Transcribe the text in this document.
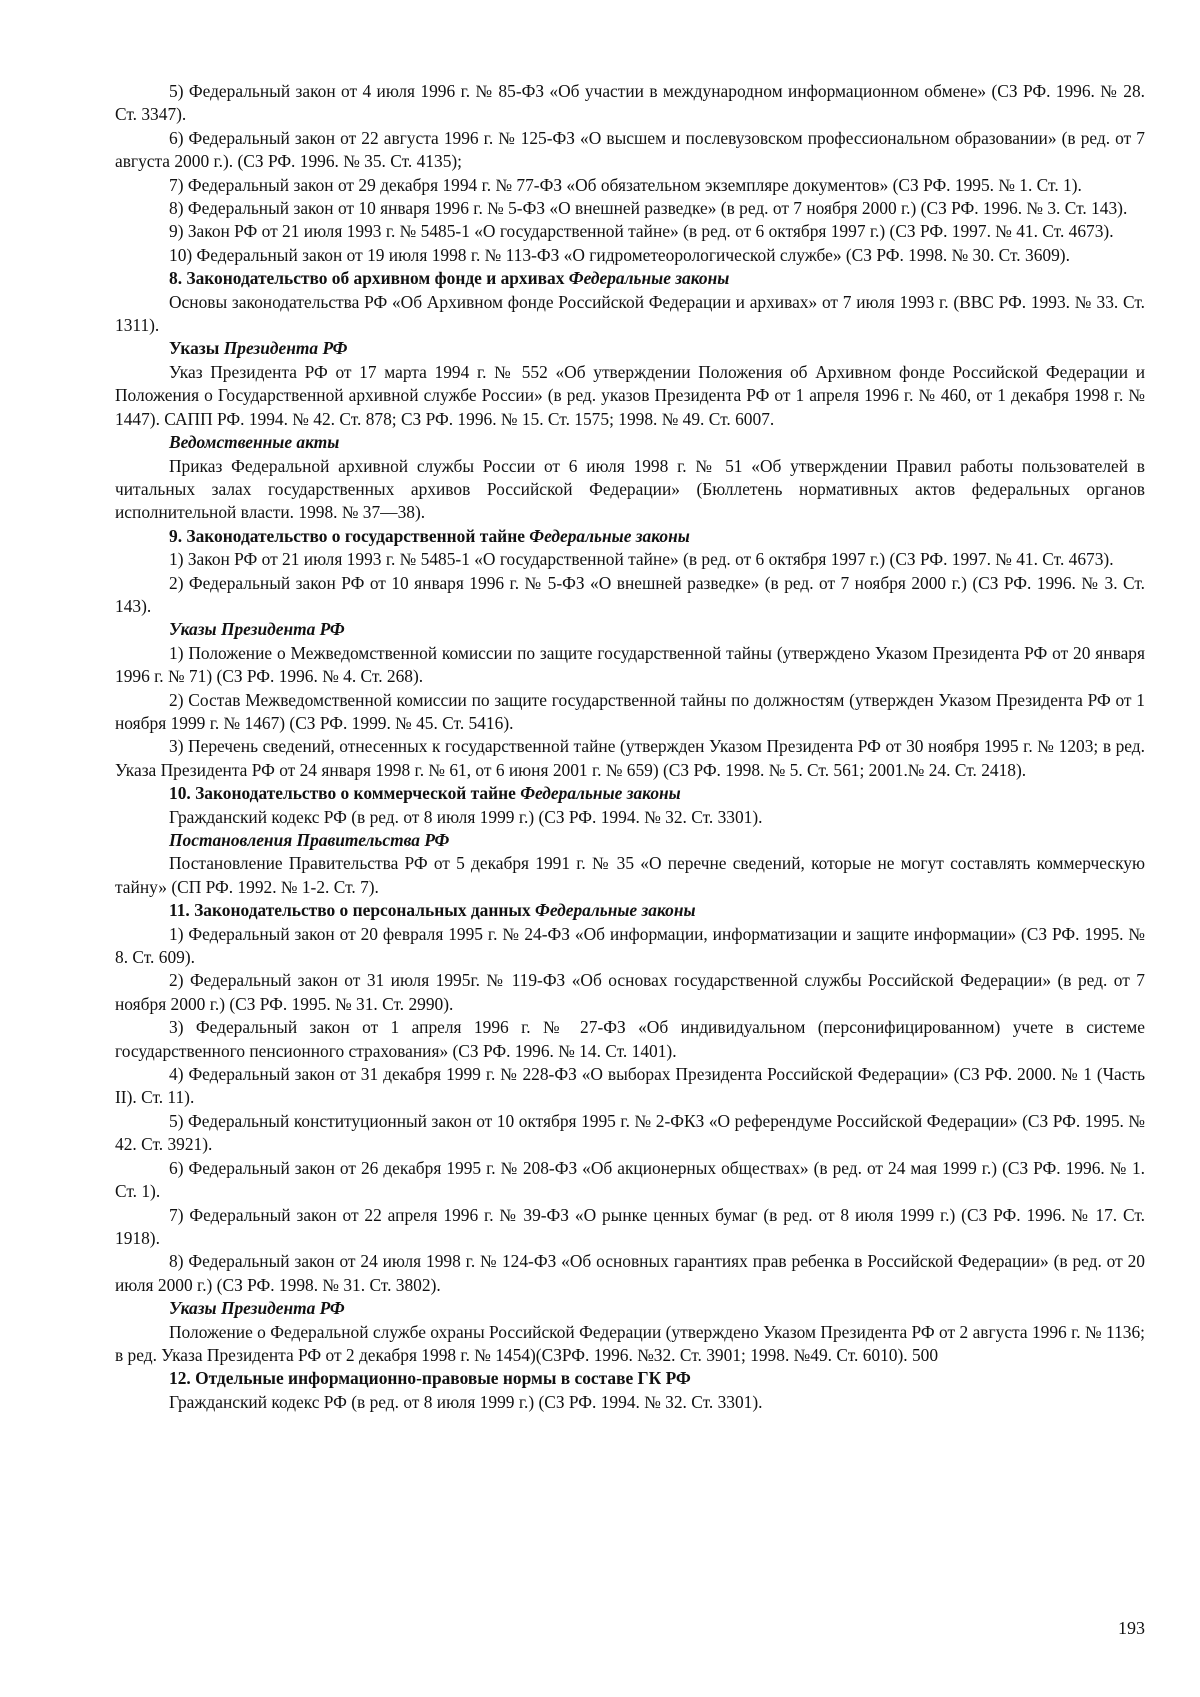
5) Федеральный закон от 4 июля 1996 г. № 85-ФЗ «Об участии в международном информационном обмене» (СЗ РФ. 1996. № 28. Ст. 3347).

6) Федеральный закон от 22 августа 1996 г. № 125-ФЗ «О высшем и послевузовском профессиональном образовании» (в ред. от 7 августа 2000 г.). (СЗ РФ. 1996. № 35. Ст. 4135);

7) Федеральный закон от 29 декабря 1994 г. № 77-ФЗ «Об обязательном экземпляре документов» (СЗ РФ. 1995. № 1. Ст. 1).

8) Федеральный закон от 10 января 1996 г. № 5-ФЗ «О внешней разведке» (в ред. от 7 ноября 2000 г.) (СЗ РФ. 1996. № 3. Ст. 143).

9) Закон РФ от 21 июля 1993 г. № 5485-1 «О государственной тайне» (в ред. от 6 октября 1997 г.) (СЗ РФ. 1997. № 41. Ст. 4673).

10) Федеральный закон от 19 июля 1998 г. № 113-ФЗ «О гидрометеорологической службе» (СЗ РФ. 1998. № 30. Ст. 3609).

8. Законодательство об архивном фонде и архивах Федеральные законы

Основы законодательства РФ «Об Архивном фонде Российской Федерации и архивах» от 7 июля 1993 г. (ВВС РФ. 1993. № 33. Ст. 1311).

Указы Президента РФ

Указ Президента РФ от 17 марта 1994 г. № 552 «Об утверждении Положения об Архивном фонде Российской Федерации и Положения о Государственной архивной службе России» (в ред. указов Президента РФ от 1 апреля 1996 г. № 460, от 1 декабря 1998 г. № 1447). САПП РФ. 1994. № 42. Ст. 878; СЗ РФ. 1996. № 15. Ст. 1575; 1998. № 49. Ст. 6007.

Ведомственные акты

Приказ Федеральной архивной службы России от 6 июля 1998 г. № 51 «Об утверждении Правил работы пользователей в читальных залах государственных архивов Российской Федерации» (Бюллетень нормативных актов федеральных органов исполнительной власти. 1998. № 37—38).

9. Законодательство о государственной тайне Федеральные законы

1) Закон РФ от 21 июля 1993 г. № 5485-1 «О государственной тайне» (в ред. от 6 октября 1997 г.) (СЗ РФ. 1997. № 41. Ст. 4673).

2) Федеральный закон РФ от 10 января 1996 г. № 5-ФЗ «О внешней разведке» (в ред. от 7 ноября 2000 г.) (СЗ РФ. 1996. № 3. Ст. 143).

Указы Президента РФ

1) Положение о Межведомственной комиссии по защите государственной тайны (утверждено Указом Президента РФ от 20 января 1996 г. № 71) (СЗ РФ. 1996. № 4. Ст. 268).

2) Состав Межведомственной комиссии по защите государственной тайны по должностям (утвержден Указом Президента РФ от 1 ноября 1999 г. № 1467) (СЗ РФ. 1999. № 45. Ст. 5416).

3) Перечень сведений, отнесенных к государственной тайне (утвержден Указом Президента РФ от 30 ноября 1995 г. № 1203; в ред. Указа Президента РФ от 24 января 1998 г. № 61, от 6 июня 2001 г. № 659) (СЗ РФ. 1998. № 5. Ст. 561; 2001.№ 24. Ст. 2418).

10. Законодательство о коммерческой тайне Федеральные законы

Гражданский кодекс РФ (в ред. от 8 июля 1999 г.) (СЗ РФ. 1994. № 32. Ст. 3301).

Постановления Правительства РФ

Постановление Правительства РФ от 5 декабря 1991 г. № 35 «О перечне сведений, которые не могут составлять коммерческую тайну» (СП РФ. 1992. № 1-2. Ст. 7).

11. Законодательство о персональных данных Федеральные законы

1) Федеральный закон от 20 февраля 1995 г. № 24-ФЗ «Об информации, информатизации и защите информации» (СЗ РФ. 1995. № 8. Ст. 609).

2) Федеральный закон от 31 июля 1995г. № 119-ФЗ «Об основах государственной службы Российской Федерации» (в ред. от 7 ноября 2000 г.) (СЗ РФ. 1995. № 31. Ст. 2990).

3) Федеральный закон от 1 апреля 1996 г. № 27-ФЗ «Об индивидуальном (персонифицированном) учете в системе государственного пенсионного страхования» (СЗ РФ. 1996. № 14. Ст. 1401).

4) Федеральный закон от 31 декабря 1999 г. № 228-ФЗ «О выборах Президента Российской Федерации» (СЗ РФ. 2000. № 1 (Часть II). Ст. 11).

5) Федеральный конституционный закон от 10 октября 1995 г. № 2-ФКЗ «О референдуме Российской Федерации» (СЗ РФ. 1995. № 42. Ст. 3921).

6) Федеральный закон от 26 декабря 1995 г. № 208-ФЗ «Об акционерных обществах» (в ред. от 24 мая 1999 г.) (СЗ РФ. 1996. № 1. Ст. 1).

7) Федеральный закон от 22 апреля 1996 г. № 39-ФЗ «О рынке ценных бумаг (в ред. от 8 июля 1999 г.) (СЗ РФ. 1996. № 17. Ст. 1918).

8) Федеральный закон от 24 июля 1998 г. № 124-ФЗ «Об основных гарантиях прав ребенка в Российской Федерации» (в ред. от 20 июля 2000 г.) (СЗ РФ. 1998. № 31. Ст. 3802).

Указы Президента РФ

Положение о Федеральной службе охраны Российской Федерации (утверждено Указом Президента РФ от 2 августа 1996 г. № 1136; в ред. Указа Президента РФ от 2 декабря 1998 г. № 1454)(СЗРФ. 1996. №32. Ст. 3901; 1998. №49. Ст. 6010). 500

12. Отдельные информационно-правовые нормы в составе ГК РФ

Гражданский кодекс РФ (в ред. от 8 июля 1999 г.) (СЗ РФ. 1994. № 32. Ст. 3301).

193
